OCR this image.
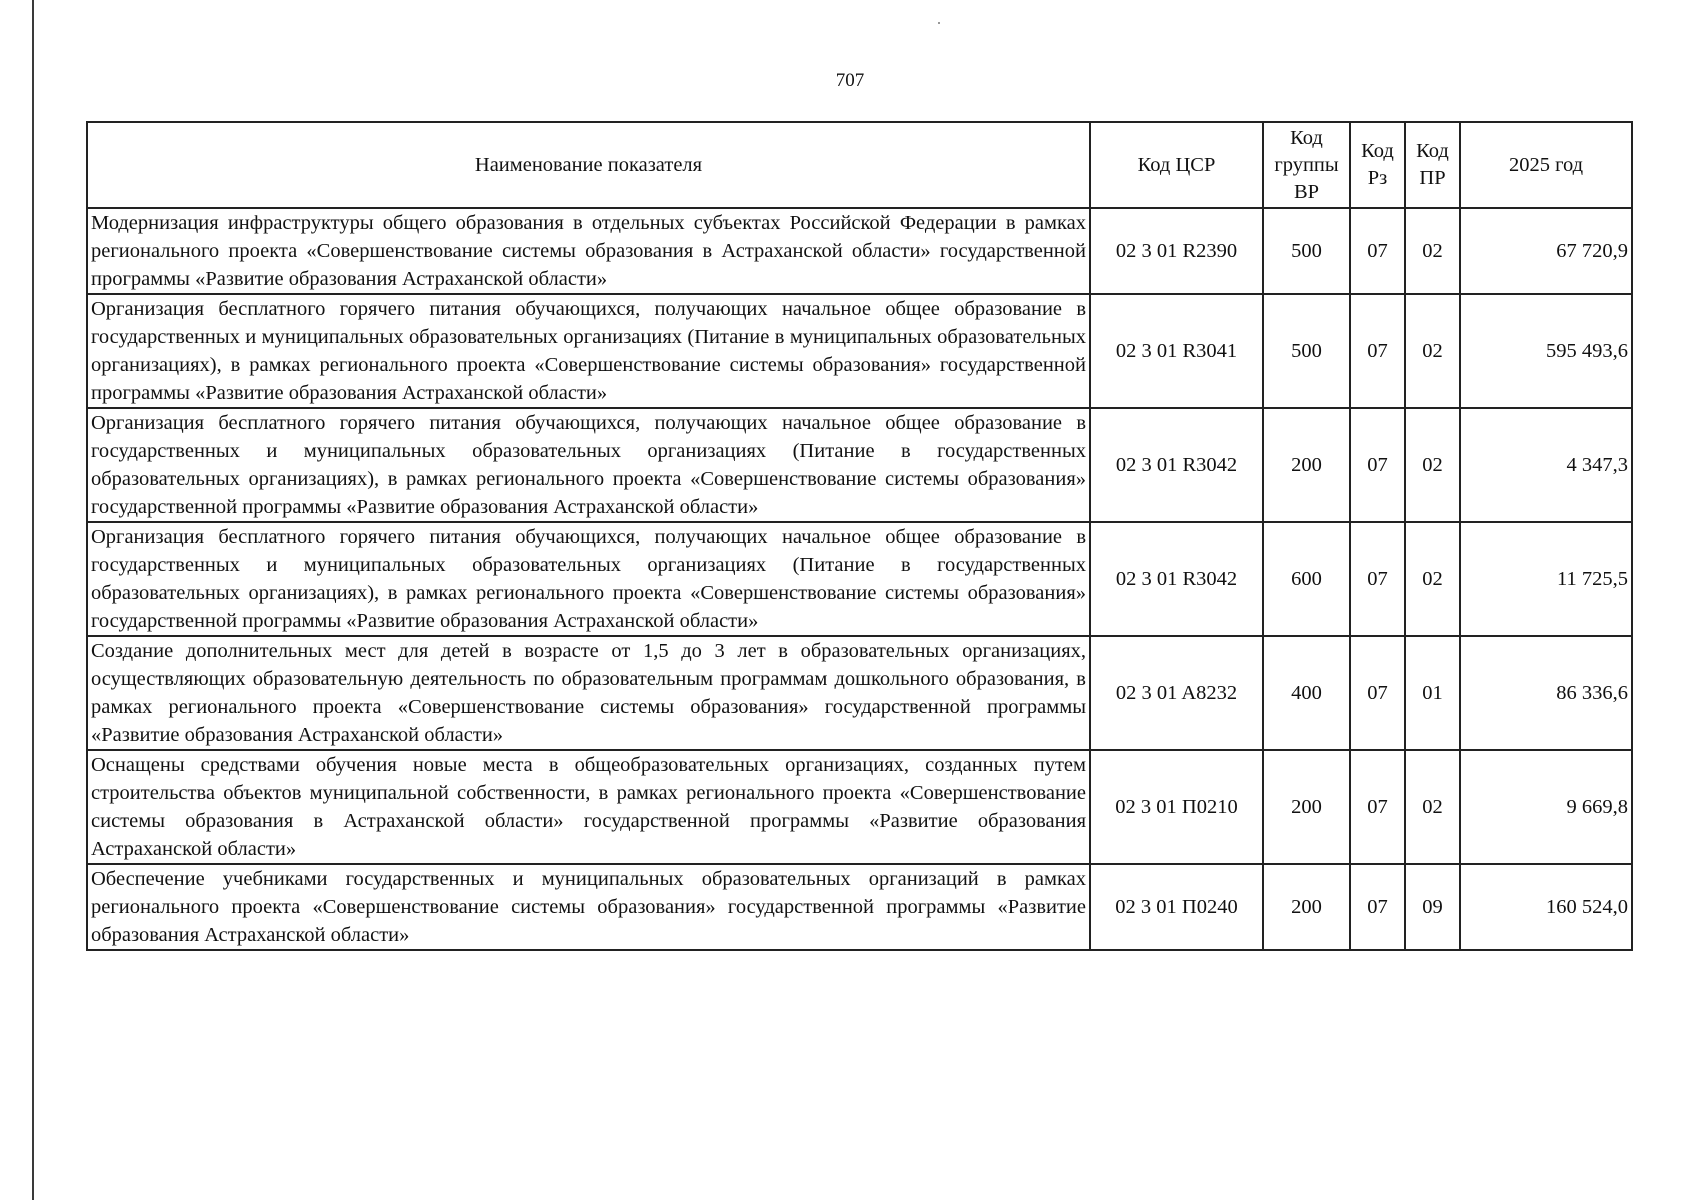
707
Наименование показателя	Код ЦСР	Код группы ВР	Код Рз	Код ПР	2025 год
Модернизация инфраструктуры общего образования в отдельных субъектах Российской Федерации в рамках регионального проекта «Совершенствование системы образования в Астраханской области» государственной программы «Развитие образования Астраханской области»	02 3 01 R2390	500	07	02	67 720,9
Организация бесплатного горячего питания обучающихся, получающих начальное общее образование в государственных и муниципальных образовательных организациях (Питание в муниципальных образовательных организациях), в рамках регионального проекта «Совершенствование системы образования» государственной программы «Развитие образования Астраханской области»	02 3 01 R3041	500	07	02	595 493,6
Организация бесплатного горячего питания обучающихся, получающих начальное общее образование в государственных и муниципальных образовательных организациях (Питание в государственных образовательных организациях), в рамках регионального проекта «Совершенствование системы образования» государственной программы «Развитие образования Астраханской области»	02 3 01 R3042	200	07	02	4 347,3
Организация бесплатного горячего питания обучающихся, получающих начальное общее образование в государственных и муниципальных образовательных организациях (Питание в государственных образовательных организациях), в рамках регионального проекта «Совершенствование системы образования» государственной программы «Развитие образования Астраханской области»	02 3 01 R3042	600	07	02	11 725,5
Создание дополнительных мест для детей в возрасте от 1,5 до 3 лет в образовательных организациях, осуществляющих образовательную деятельность по образовательным программам дошкольного образования, в рамках регионального проекта «Совершенствование системы образования» государственной программы «Развитие образования Астраханской области»	02 3 01 A8232	400	07	01	86 336,6
Оснащены средствами обучения новые места в общеобразовательных организациях, созданных путем строительства объектов муниципальной собственности, в рамках регионального проекта «Совершенствование системы образования в Астраханской области» государственной программы «Развитие образования Астраханской области»	02 3 01 П0210	200	07	02	9 669,8
Обеспечение учебниками государственных и муниципальных образовательных организаций в рамках регионального проекта «Совершенствование системы образования» государственной программы «Развитие образования Астраханской области»	02 3 01 П0240	200	07	09	160 524,0
